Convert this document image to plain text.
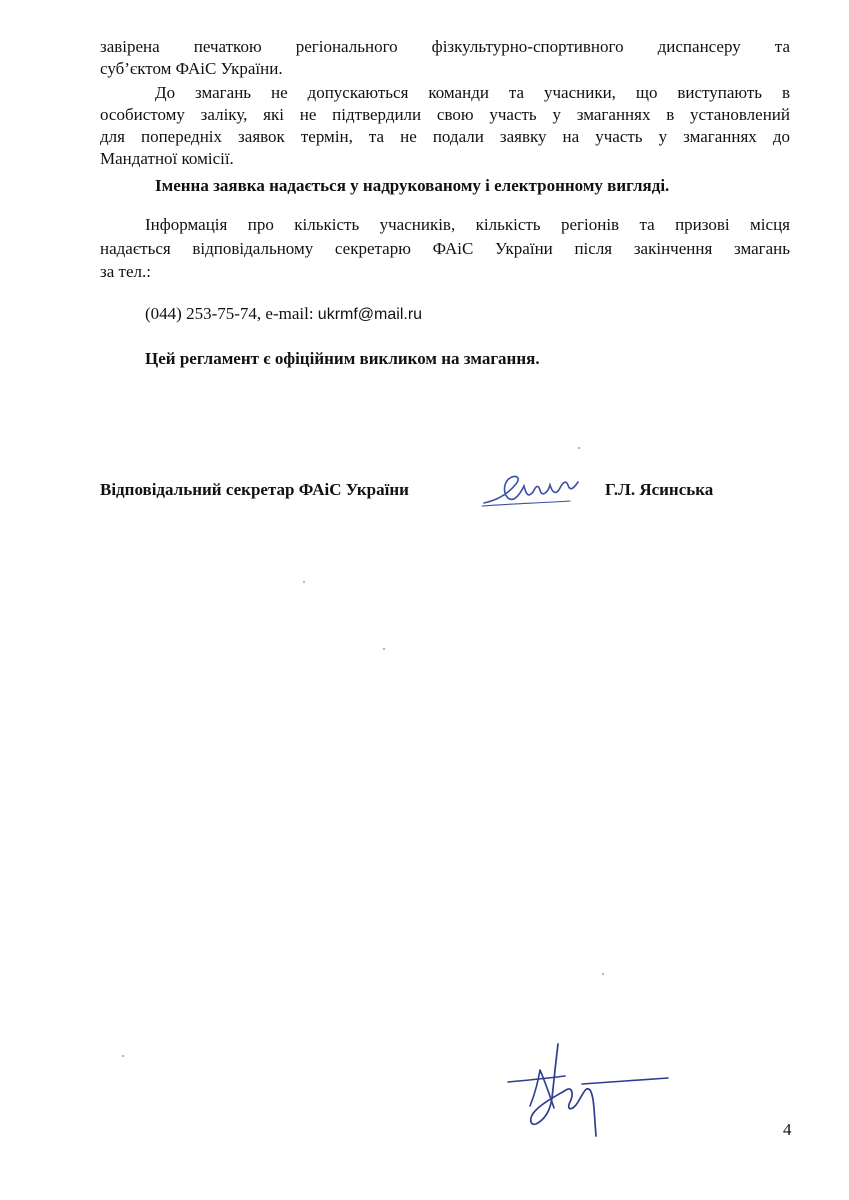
завірена печаткою регіонального фізкультурно-спортивного диспансеру та
суб’єктом ФАіС України.
До змагань не допускаються команди та учасники, що виступають в
особистому заліку, які не підтвердили свою участь у змаганнях в установлений
для попередніх заявок термін, та не подали заявку на участь у змаганнях до
Мандатної комісії.
Іменна заявка надається у надрукованому і електронному вигляді.
Інформація про кількість учасників, кількість регіонів та призові місця
надається відповідальному секретарю ФАіС України після закінчення змагань
за тел.:
(044) 253-75-74, e-mail: ukrmf@mail.ru
Цей регламент є офіційним викликом на змагання.
Відповідальний секретар ФАіС України	Г.Л. Ясинська
4
